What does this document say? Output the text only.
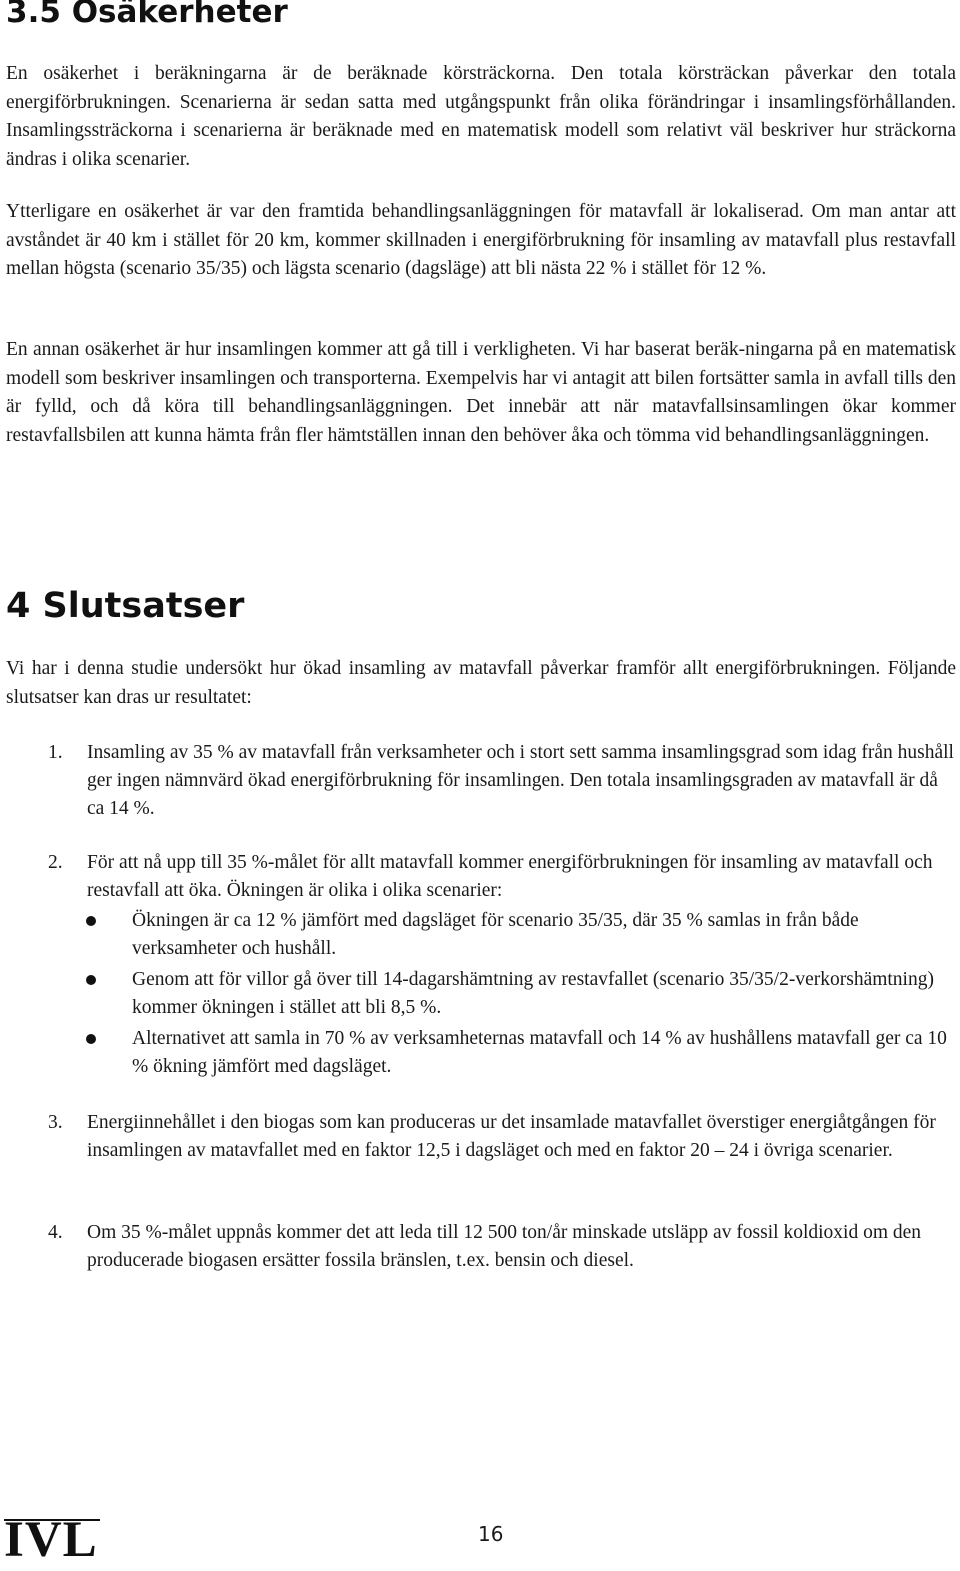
3.5 Osäkerheter

En osäkerhet i beräkningarna är de beräknade körsträckorna. Den totala körsträckan påverkar den totala energiförbrukningen. Scenarierna är sedan satta med utgångspunkt från olika förändringar i insamlingsförhållanden. Insamlingssträckorna i scenarierna är beräknade med en matematisk modell som relativt väl beskriver hur sträckorna ändras i olika scenarier.

Ytterligare en osäkerhet är var den framtida behandlingsanläggningen för matavfall är lokaliserad. Om man antar att avståndet är 40 km i stället för 20 km, kommer skillnaden i energiförbrukning för insamling av matavfall plus restavfall mellan högsta (scenario 35/35) och lägsta scenario (dagsläge) att bli nästa 22 % i stället för 12 %.

En annan osäkerhet är hur insamlingen kommer att gå till i verkligheten. Vi har baserat beräk-ningarna på en matematisk modell som beskriver insamlingen och transporterna. Exempelvis har vi antagit att bilen fortsätter samla in avfall tills den är fylld, och då köra till behandlingsanläggningen. Det innebär att när matavfallsinsamlingen ökar kommer restavfallsbilen att kunna hämta från fler hämtställen innan den behöver åka och tömma vid behandlingsanläggningen.

4 Slutsatser

Vi har i denna studie undersökt hur ökad insamling av matavfall påverkar framför allt energiförbrukningen. Följande slutsatser kan dras ur resultatet:

1. Insamling av 35 % av matavfall från verksamheter och i stort sett samma insamlingsgrad som idag från hushåll ger ingen nämnvärd ökad energiförbrukning för insamlingen. Den totala insamlingsgraden av matavfall är då ca 14 %.

2. För att nå upp till 35 %-målet för allt matavfall kommer energiförbrukningen för insamling av matavfall och restavfall att öka. Ökningen är olika i olika scenarier:

Ökningen är ca 12 % jämfört med dagsläget för scenario 35/35, där 35 % samlas in från både verksamheter och hushåll.

Genom att för villor gå över till 14-dagarshämtning av restavfallet (scenario 35/35/2-verkorshämtning) kommer ökningen i stället att bli 8,5 %.

Alternativet att samla in 70 % av verksamheternas matavfall och 14 % av hushållens matavfall ger ca 10 % ökning jämfört med dagsläget.

3. Energiinnehållet i den biogas som kan produceras ur det insamlade matavfallet överstiger energiåtgången för insamlingen av matavfallet med en faktor 12,5 i dagsläget och med en faktor 20 – 24 i övriga scenarier.

4. Om 35 %-målet uppnås kommer det att leda till 12 500 ton/år minskade utsläpp av fossil koldioxid om den producerade biogasen ersätter fossila bränslen, t.ex. bensin och diesel.

IVL	16
